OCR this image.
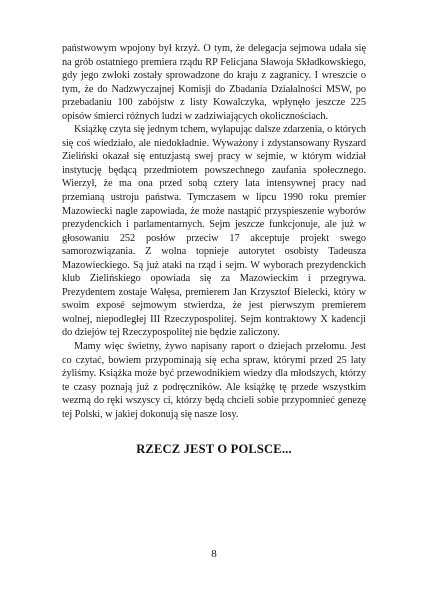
państwowym wpojony był krzyż. O tym, że delegacja sejmowa udała się na grób ostatniego premiera rządu RP Felicjana Sławoja Składkowskiego, gdy jego zwłoki zostały sprowadzone do kraju z zagranicy. I wreszcie o tym, że do Nadzwyczajnej Komisji do Zbadania Działalności MSW, po przebadaniu 100 zabójstw z listy Kowalczyka, wpłynęło jeszcze 225 opisów śmierci różnych ludzi w zadziwiających okolicznościach.

Książkę czyta się jednym tchem, wyłapując dalsze zdarzenia, o których się coś wiedziało, ale niedokładnie. Wyważony i zdystansowany Ryszard Zieliński okazał się entuzjastą swej pracy w sejmie, w którym widział instytucję będącą przedmiotem powszechnego zaufania społecznego. Wierzył, że ma ona przed sobą cztery lata intensywnej pracy nad przemianą ustroju państwa. Tymczasem w lipcu 1990 roku premier Mazowiecki nagle zapowiada, że może nastąpić przyspieszenie wyborów prezydenckich i parlamentarnych. Sejm jeszcze funkcjonuje, ale już w głosowaniu 252 posłów przeciw 17 akceptuje projekt swego samorozwiązania. Z wolna topnieje autorytet osobisty Tadeusza Mazowieckiego. Są już ataki na rząd i sejm. W wyborach prezydenckich klub Zielińskiego opowiada się za Mazowieckim i przegrywa. Prezydentem zostaje Wałęsa, premierem Jan Krzysztof Bielecki, który w swoim exposé sejmowym stwierdza, że jest pierwszym premierem wolnej, niepodległej III Rzeczypospolitej. Sejm kontraktowy X kadencji do dziejów tej Rzeczypospolitej nie będzie zaliczony.

Mamy więc świetny, żywo napisany raport o dziejach przełomu. Jest co czytać, bowiem przypominają się echa spraw, którymi przed 25 laty żyliśmy. Książka może być przewodnikiem wiedzy dla młodszych, którzy te czasy poznają już z podręczników. Ale książkę tę przede wszystkim wezmą do ręki wszyscy ci, którzy będą chcieli sobie przypomnieć genezę tej Polski, w jakiej dokonują się nasze losy.

RZECZ JEST O POLSCE...
8
